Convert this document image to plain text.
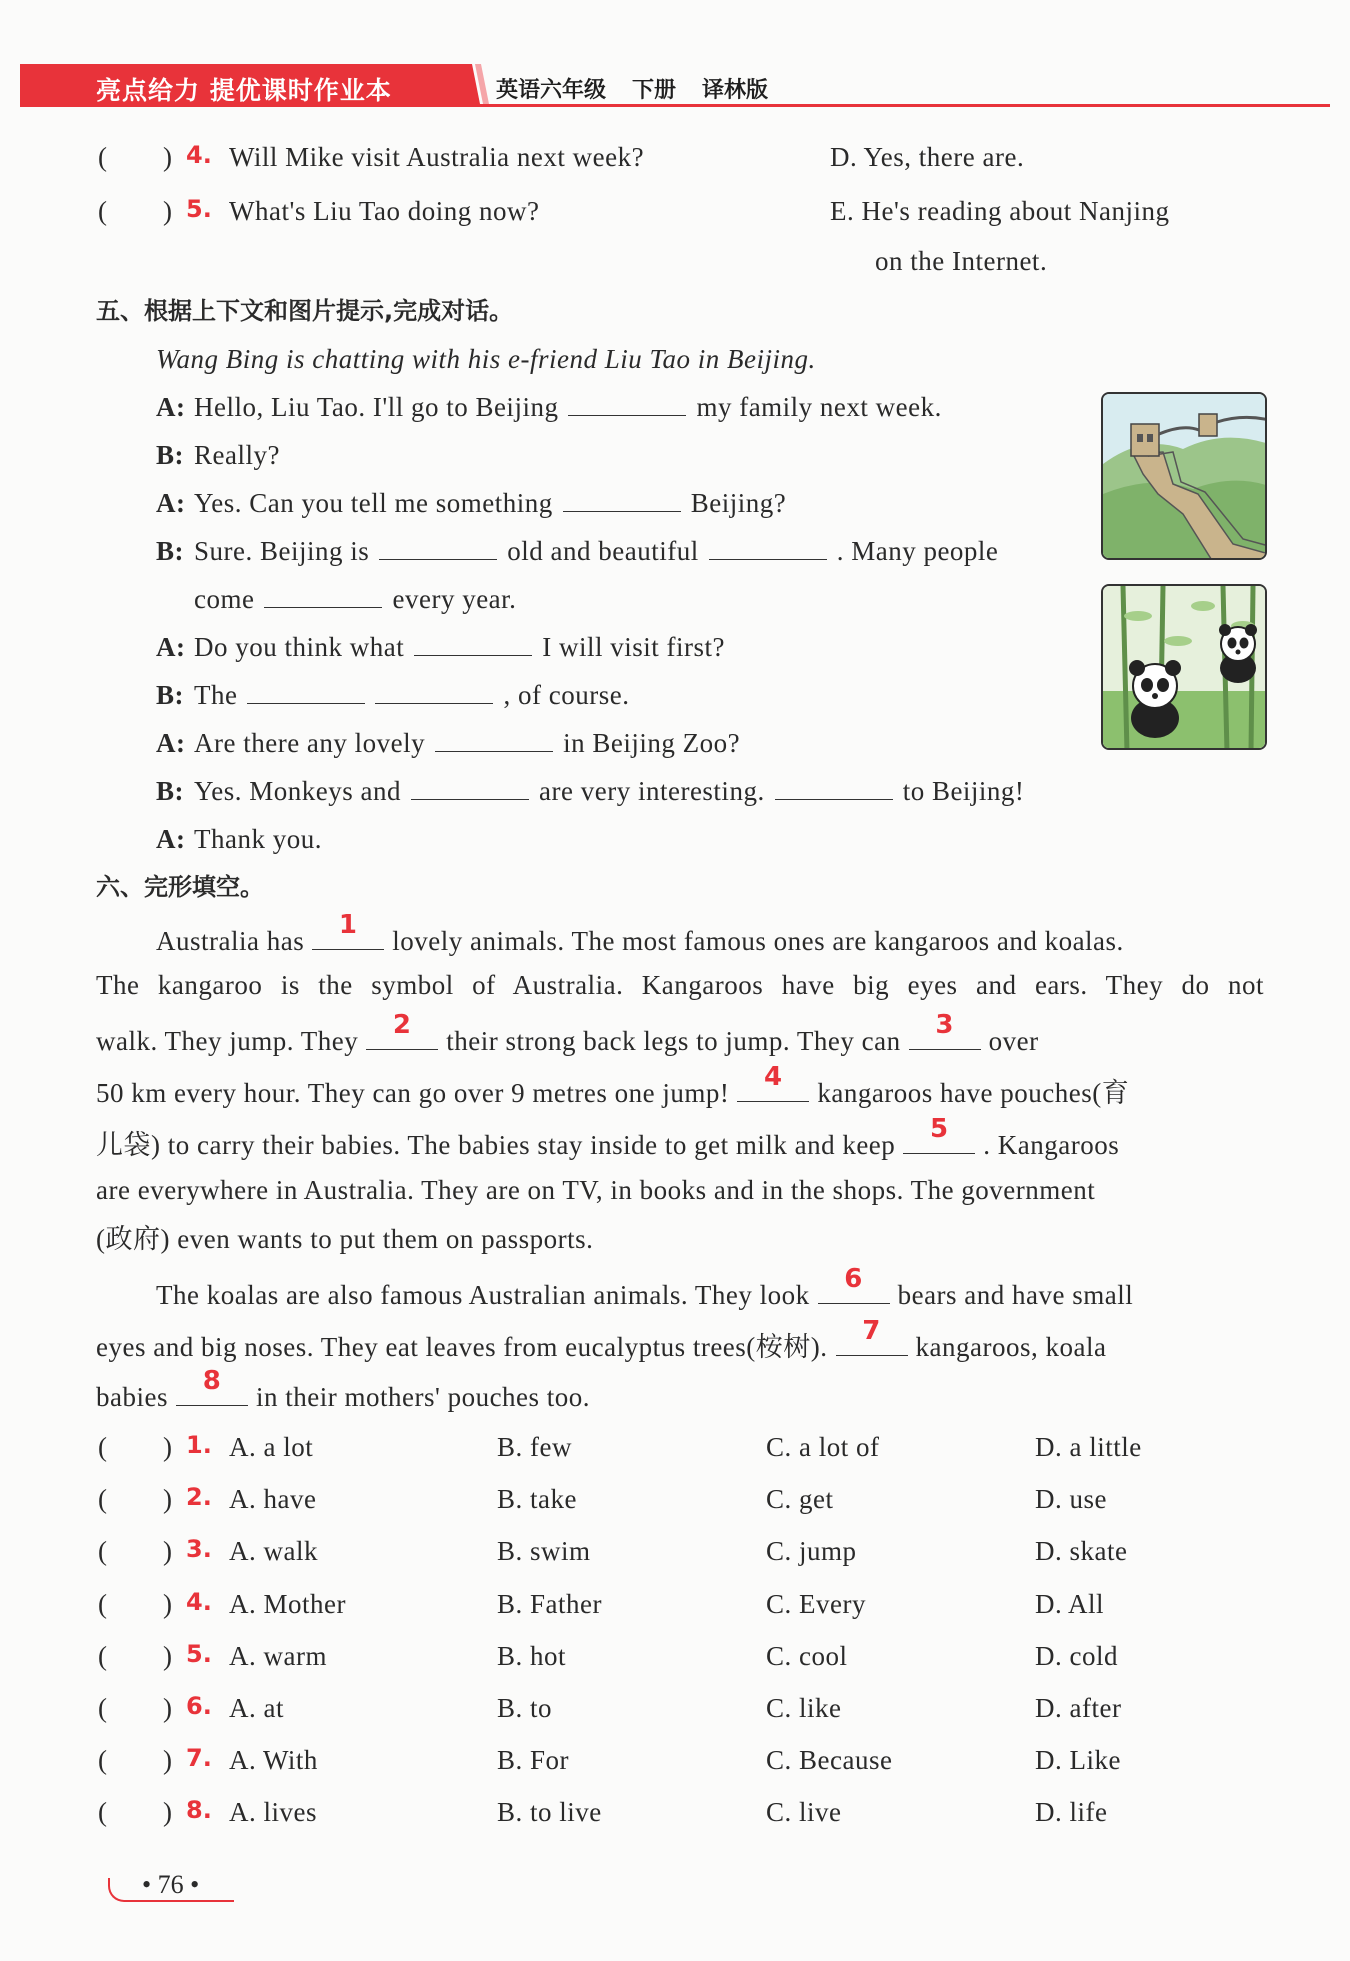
亮点给力 提优课时作业本	英语六年级 下册 译林版
( ) 4. Will Mike visit Australia next week?	D. Yes, there are.
( ) 5. What's Liu Tao doing now?	E. He's reading about Nanjing
on the Internet.
五、根据上下文和图片提示,完成对话。
Wang Bing is chatting with his e-friend Liu Tao in Beijing.
A: Hello, Liu Tao. I'll go to Beijing	my family next week.
B: Really?
A: Yes. Can you tell me something	Beijing?
B: Sure. Beijing is	old and beautiful	. Many people
come	every year.
A: Do you think what	I will visit first?
B: The	, of course.
A: Are there any lovely	in Beijing Zoo?
B: Yes. Monkeys and	are very interesting.	to Beijing!
A: Thank you.
六、完形填空。
Australia has
1
lovely animals. The most famous ones are kangaroos and koalas.
The kangaroo is the symbol of Australia. Kangaroos have big eyes and ears. They do not
walk. They jump. They
2
their strong back legs to jump. They can
3
over
50 km every hour. They can go over 9 metres one jump!
4
kangaroos have pouches(育
儿袋) to carry their babies. The babies stay inside to get milk and keep
5
. Kangaroos
are everywhere in Australia. They are on TV, in books and in the shops. The government
(政府) even wants to put them on passports.
The koalas are also famous Australian animals. They look
6
bears and have small
eyes and big noses. They eat leaves from eucalyptus trees(桉树).
7
kangaroos, koala
babies
8
in their mothers' pouches too.
( ) 1. A. a lot	B. few	C. a lot of	D. a little
( ) 2. A. have	B. take	C. get	D. use
( ) 3. A. walk	B. swim	C. jump	D. skate
( ) 4. A. Mother	B. Father	C. Every	D. All
( ) 5. A. warm	B. hot	C. cool	D. cold
( ) 6. A. at	B. to	C. like	D. after
( ) 7. A. With	B. For	C. Because	D. Like
( ) 8. A. lives	B. to live	C. live	D. life
• 76 •
